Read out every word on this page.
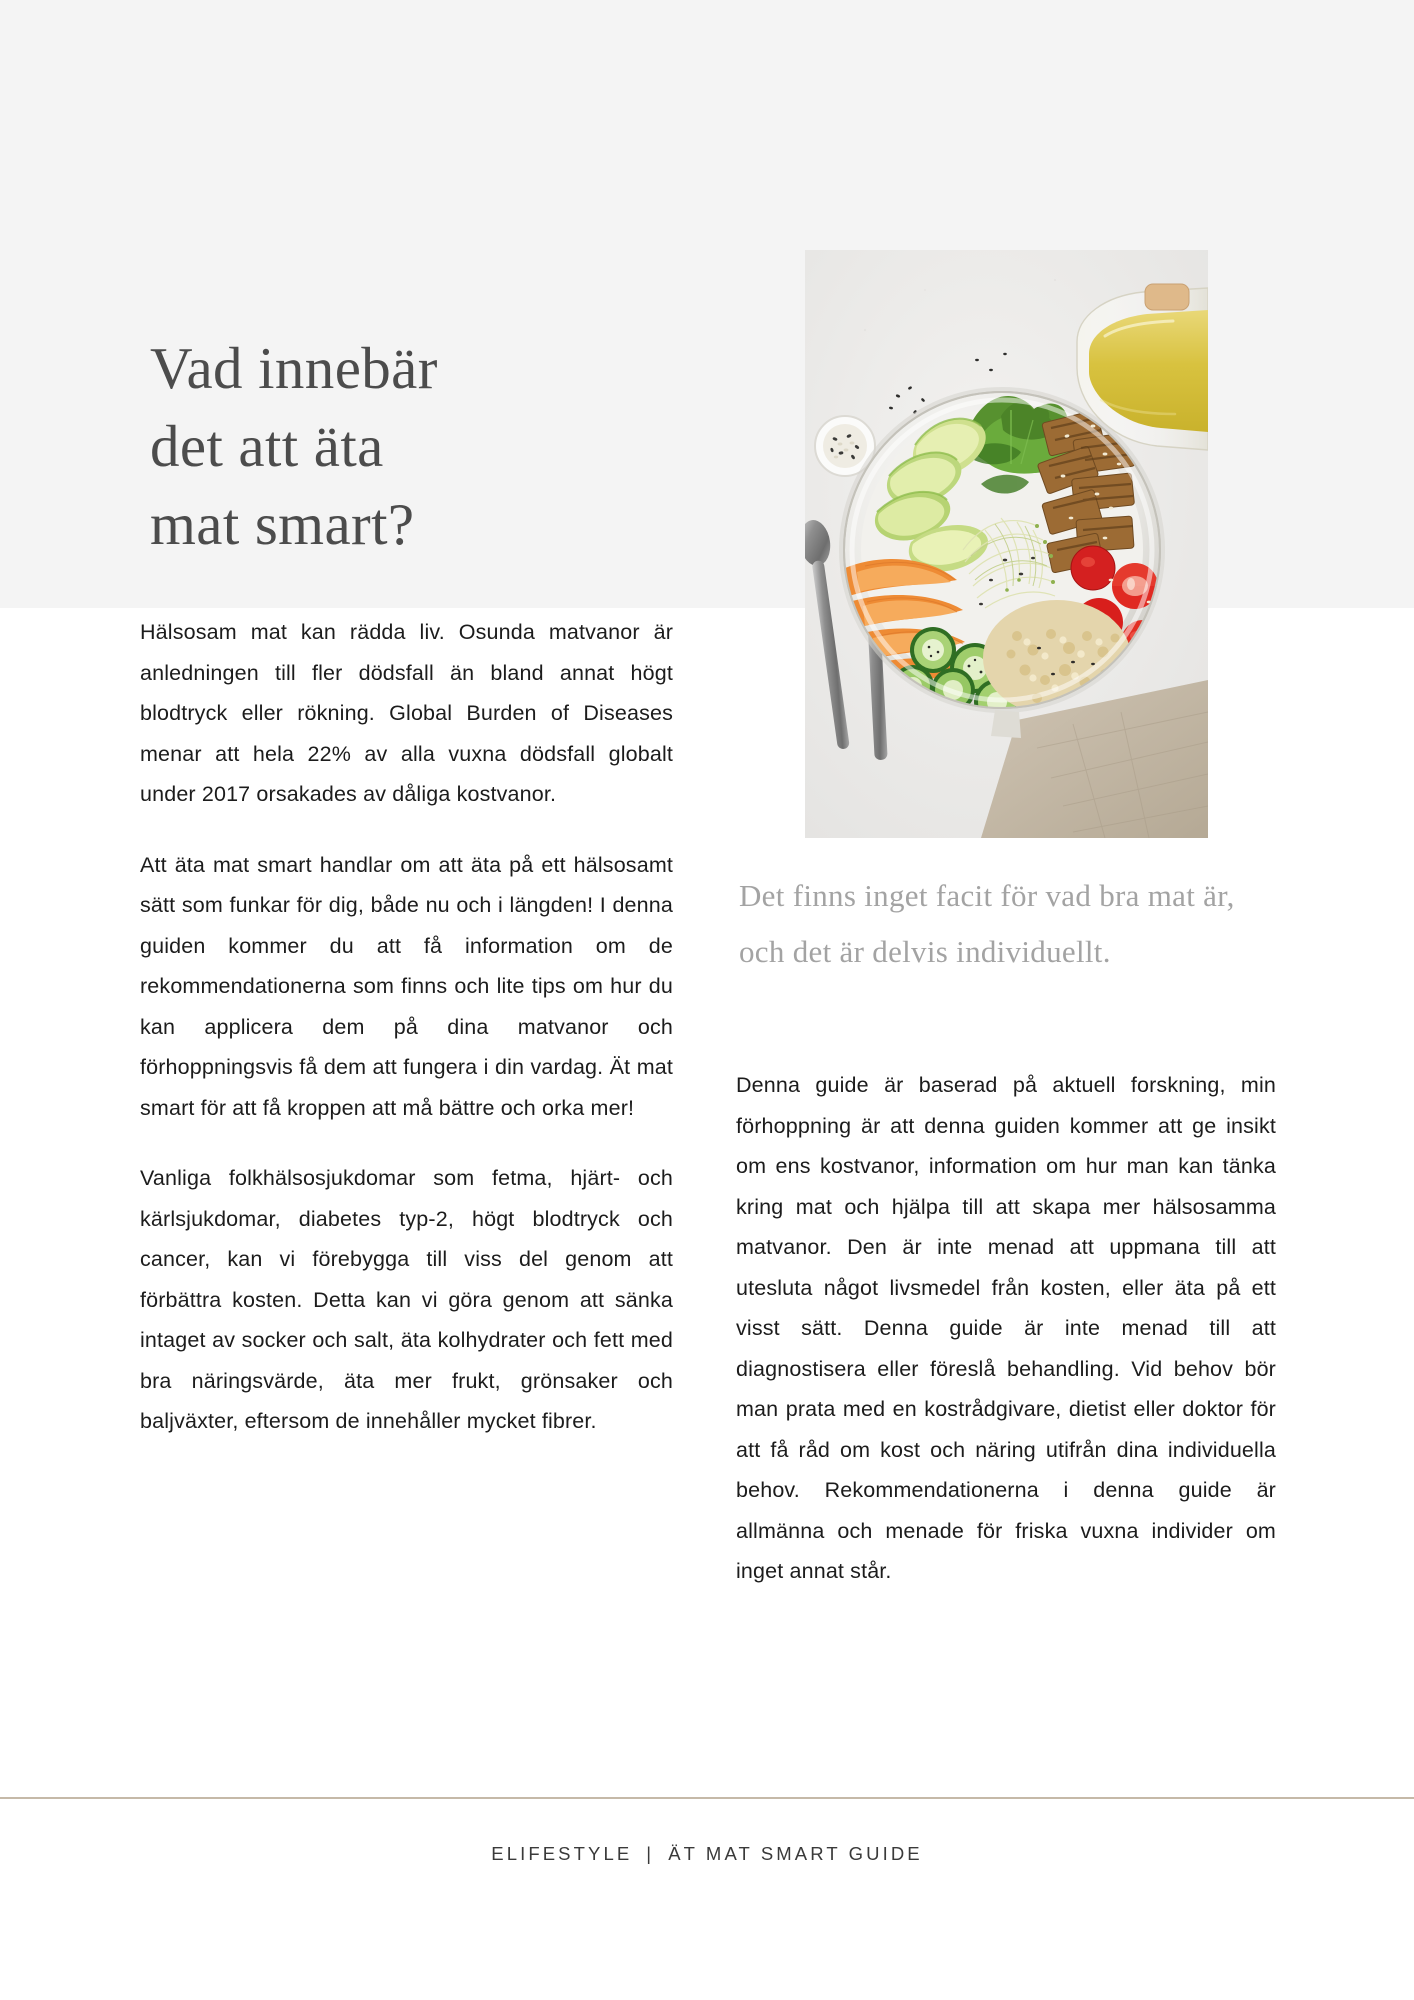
Vad innebär
det att äta
mat smart?

Hälsosam mat kan rädda liv. Osunda matvanor är anledningen till fler dödsfall än bland annat högt blodtryck eller rökning. Global Burden of Diseases menar att hela 22% av alla vuxna dödsfall globalt under 2017 orsakades av dåliga kostvanor.

Att äta mat smart handlar om att äta på ett hälsosamt sätt som funkar för dig, både nu och i längden! I denna guiden kommer du att få information om de rekommendationerna som finns och lite tips om hur du kan applicera dem på dina matvanor och förhoppningsvis få dem att fungera i din vardag. Ät mat smart för att få kroppen att må bättre och orka mer!

Vanliga folkhälsosjukdomar som fetma, hjärt- och kärlsjukdomar, diabetes typ-2, högt blodtryck och cancer, kan vi förebygga till viss del genom att förbättra kosten. Detta kan vi göra genom att sänka intaget av socker och salt, äta kolhydrater och fett med bra näringsvärde, äta mer frukt, grönsaker och baljväxter, eftersom de innehåller mycket fibrer.

Det finns inget facit för vad bra mat är, och det är delvis individuellt.

Denna guide är baserad på aktuell forskning, min förhoppning är att denna guiden kommer att ge insikt om ens kostvanor, information om hur man kan tänka kring mat och hjälpa till att skapa mer hälsosamma matvanor. Den är inte menad att uppmana till att utesluta något livsmedel från kosten, eller äta på ett visst sätt. Denna guide är inte menad till att diagnostisera eller föreslå behandling. Vid behov bör man prata med en kostrådgivare, dietist eller doktor för att få råd om kost och näring utifrån dina individuella behov. Rekommendationerna i denna guide är allmänna och menade för friska vuxna individer om inget annat står.

ELIFESTYLE | ÄT MAT SMART GUIDE
